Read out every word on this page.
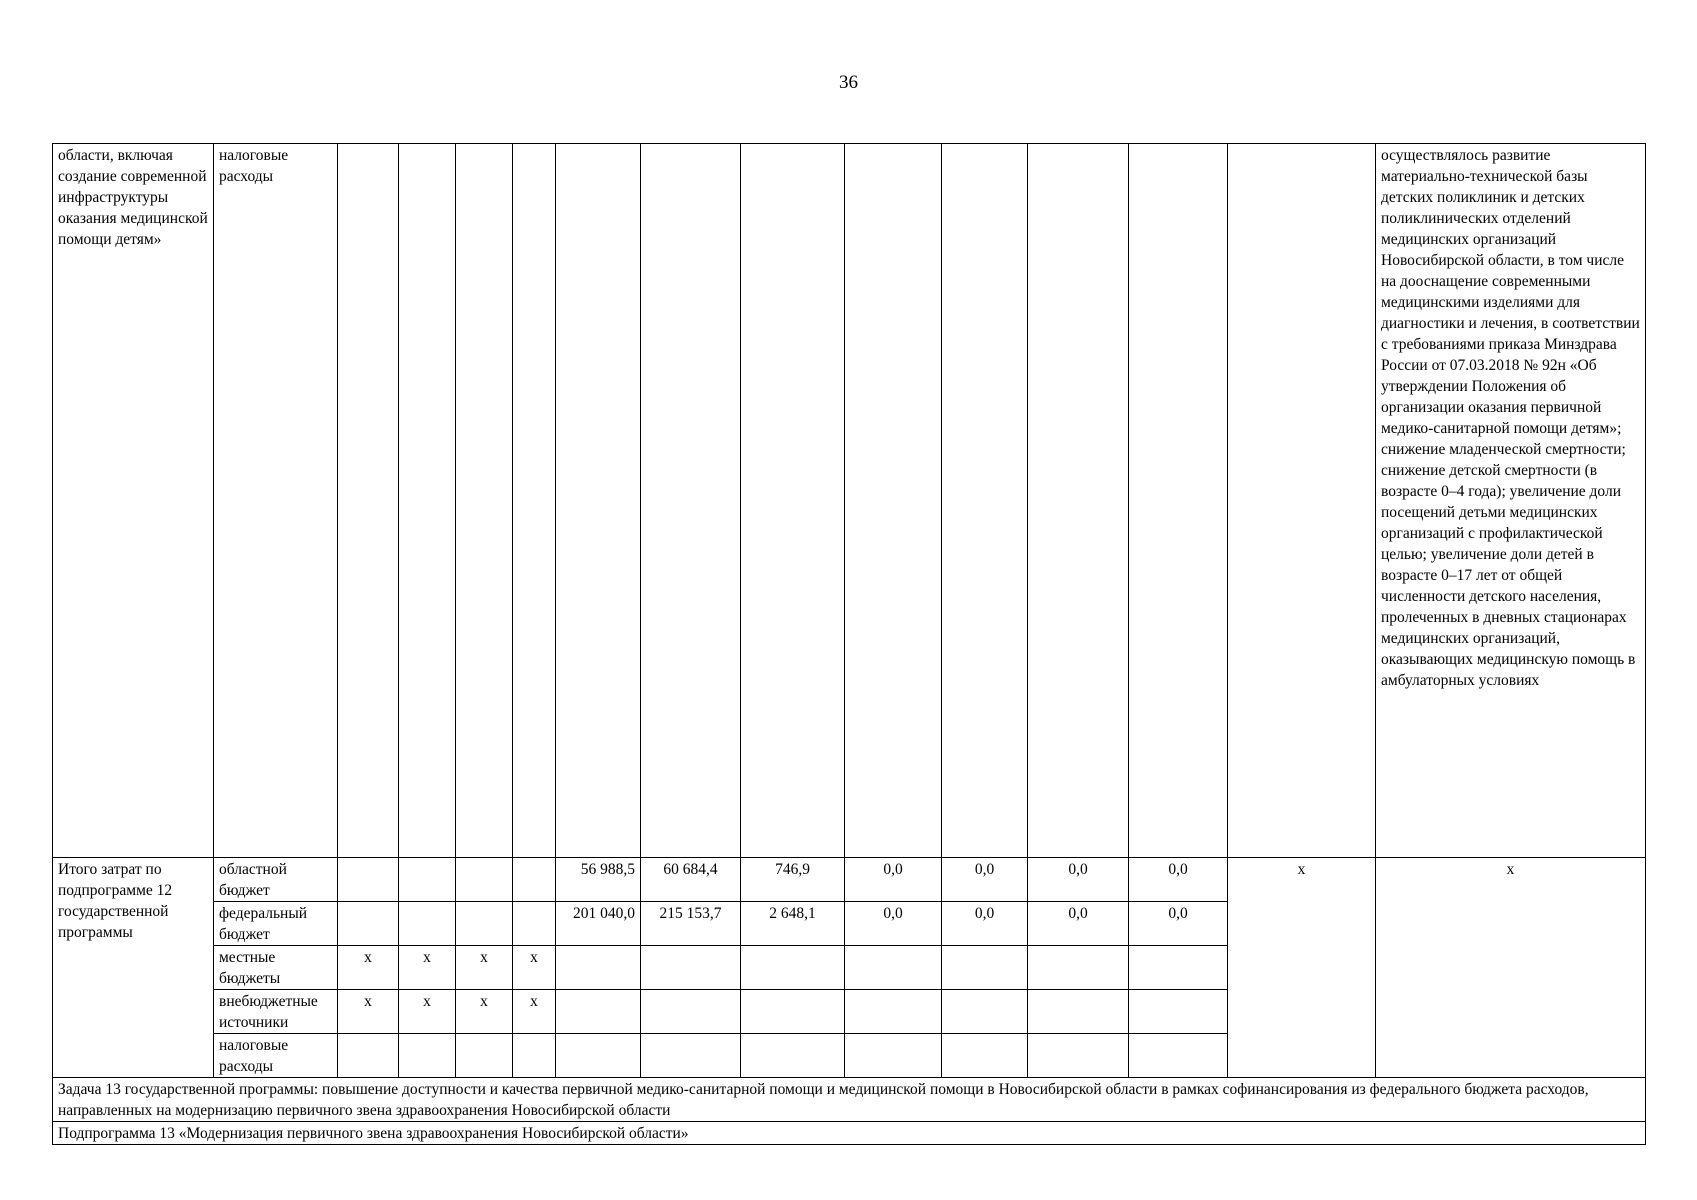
36
области, включая создание современной инфраструктуры оказания медицинской помощи детям»	налоговые расходы													осуществлялось развитие материально-технической базы детских поликлиник и детских поликлинических отделений медицинских организаций Новосибирской области, в том числе на дооснащение современными медицинскими изделиями для диагностики и лечения, в соответствии с требованиями приказа Минздрава России от 07.03.2018 № 92н «Об утверждении Положения об организации оказания первичной медико-санитарной помощи детям»; снижение младенческой смертности; снижение детской смертности (в возрасте 0–4 года); увеличение доли посещений детьми медицинских организаций с профилактической целью; увеличение доли детей в возрасте 0–17 лет от общей численности детского населения, пролеченных в дневных стационарах медицинских организаций, оказывающих медицинскую помощь в амбулаторных условиях
Итого затрат по подпрограмме 12 государственной программы	областной бюджет					56 988,5	60 684,4	746,9	0,0	0,0	0,0	0,0	x	x
	федеральный бюджет					201 040,0	215 153,7	2 648,1	0,0	0,0	0,0	0,0		
	местные бюджеты	x	x	x	x									
	внебюджетные источники	x	x	x	x									
	налоговые расходы													
Задача 13 государственной программы: повышение доступности и качества первичной медико-санитарной помощи и медицинской помощи в Новосибирской области в рамках софинансирования из федерального бюджета расходов, направленных на модернизацию первичного звена здравоохранения Новосибирской области														
Подпрограмма 13 «Модернизация первичного звена здравоохранения Новосибирской области»														
